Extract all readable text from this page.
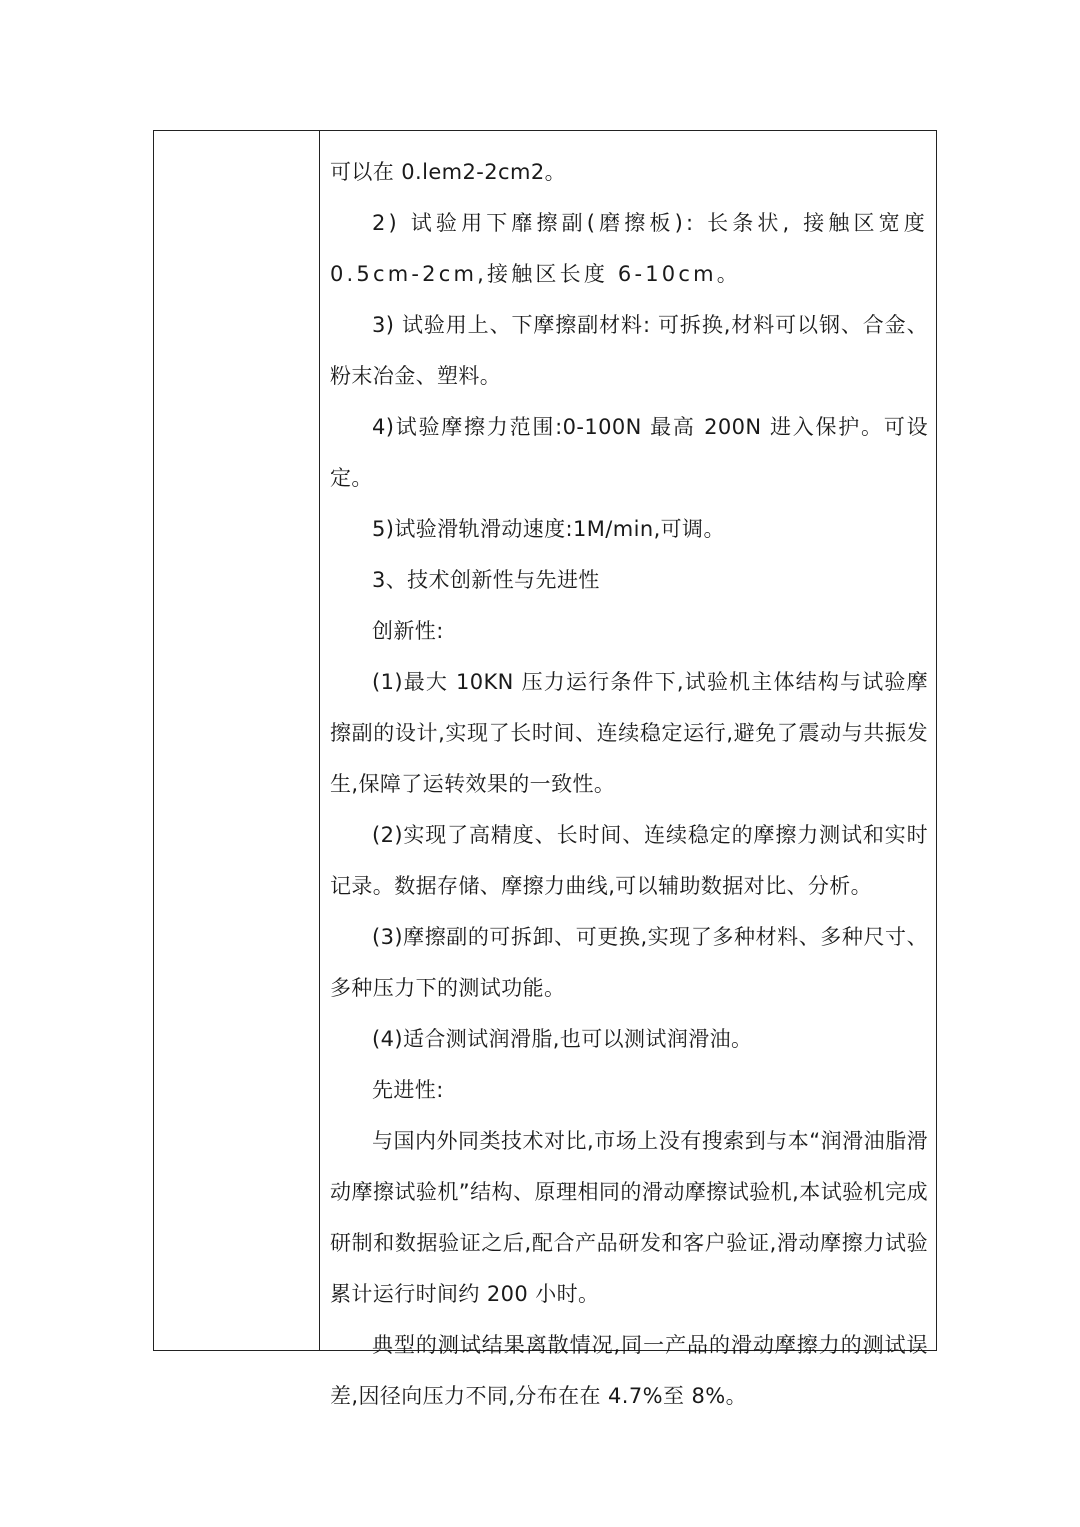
可以在 0.lem2-2cm2。

2) 试验用下靡擦副(磨擦板): 长条状, 接触区宽度 0.5cm-2cm,接触区长度 6-10cm。

3) 试验用上、下摩擦副材料: 可拆换,材料可以钢、合金、粉末冶金、塑料。

4)试验摩擦力范围:0-100N 最高 200N 进入保护。可设定。

5)试验滑轨滑动速度:1M/min,可调。

3、技术创新性与先进性

创新性:

(1)最大 10KN 压力运行条件下,试验机主体结构与试验摩擦副的设计,实现了长时间、连续稳定运行,避免了震动与共振发生,保障了运转效果的一致性。

(2)实现了高精度、长时间、连续稳定的摩擦力测试和实时记录。数据存储、摩擦力曲线,可以辅助数据对比、分析。

(3)摩擦副的可拆卸、可更换,实现了多种材料、多种尺寸、多种压力下的测试功能。

(4)适合测试润滑脂,也可以测试润滑油。

先进性:

与国内外同类技术对比,市场上没有搜索到与本“润滑油脂滑动摩擦试验机”结构、原理相同的滑动摩擦试验机,本试验机完成研制和数据验证之后,配合产品研发和客户验证,滑动摩擦力试验累计运行时间约 200 小时。

典型的测试结果离散情况,同一产品的滑动摩擦力的测试误差,因径向压力不同,分布在在 4.7%至 8%。
